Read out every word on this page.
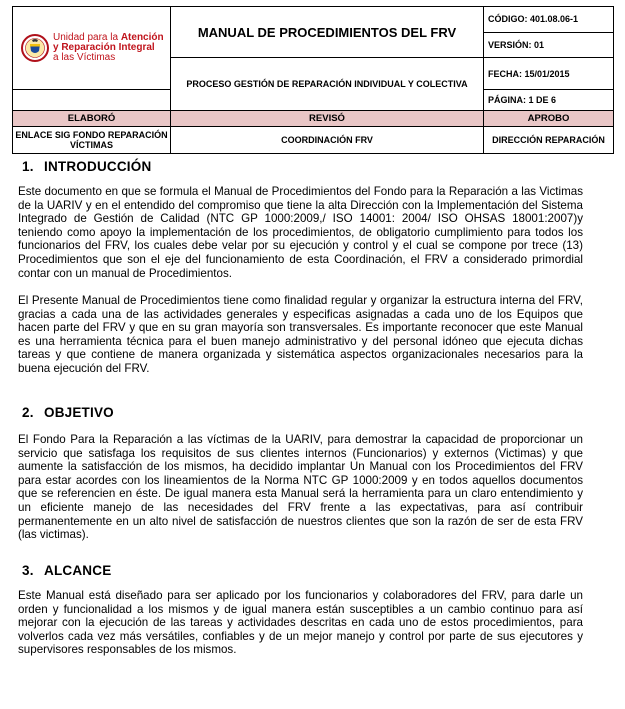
Unidad para la Atención
y Reparación Integral
a las Víctimas	MANUAL DE PROCEDIMIENTOS DEL FRV	CÓDIGO: 401.08.06-1
		VERSIÓN: 01
	PROCESO GESTIÓN DE REPARACIÓN INDIVIDUAL Y COLECTIVA	FECHA: 15/01/2015
		PÁGINA: 1 DE 6
ELABORÓ	REVISÓ	APROBO
ENLACE SIG FONDO REPARACIÓN VÍCTIMAS	COORDINACIÓN FRV	DIRECCIÓN REPARACIÓN
1. INTRODUCCIÓN

Este documento en que se formula el Manual de Procedimientos del Fondo para la Reparación a las Victimas de la UARIV y en el entendido del compromiso que tiene la alta Dirección con la Implementación del Sistema Integrado de Gestión de Calidad (NTC GP 1000:2009,/ ISO 14001: 2004/ ISO OHSAS 18001:2007)y teniendo como apoyo la implementación de los procedimientos, de obligatorio cumplimiento para todos los funcionarios del FRV, los cuales debe velar por su ejecución y control y el cual se compone por trece (13) Procedimientos que son el eje del funcionamiento de esta Coordinación, el FRV a considerado primordial contar con un manual de Procedimientos.

El Presente Manual de Procedimientos tiene como finalidad regular y organizar la estructura interna del FRV, gracias a cada una de las actividades generales y especificas asignadas a cada uno de los Equipos que hacen parte del FRV y que en su gran mayoría son transversales. Es importante reconocer que este Manual es una herramienta técnica para el buen manejo administrativo y del personal idóneo que ejecuta dichas tareas y que contiene de manera organizada y sistemática aspectos organizacionales necesarios para la buena ejecución del FRV.

2. OBJETIVO

El Fondo Para la Reparación a las víctimas de la UARIV, para demostrar la capacidad de proporcionar un servicio que satisfaga los requisitos de sus clientes internos (Funcionarios) y externos (Victimas) y que aumente la satisfacción de los mismos, ha decidido implantar Un Manual con los Procedimientos del FRV para estar acordes con los lineamientos de la Norma NTC GP 1000:2009 y en todos aquellos documentos que se referencien en éste. De igual manera esta Manual será la herramienta para un claro entendimiento y un eficiente manejo de las necesidades del FRV frente a las expectativas, para así contribuir permanentemente en un alto nivel de satisfacción de nuestros clientes que son la razón de ser de esta FRV (las victimas).

3. ALCANCE

Este Manual está diseñado para ser aplicado por los funcionarios y colaboradores del FRV, para darle un orden y funcionalidad a los mismos y de igual manera están susceptibles a un cambio continuo para así mejorar con la ejecución de las tareas y actividades descritas en cada uno de estos procedimientos, para volverlos cada vez más versátiles, confiables y de un mejor manejo y control por parte de sus ejecutores y supervisores responsables de los mismos.
